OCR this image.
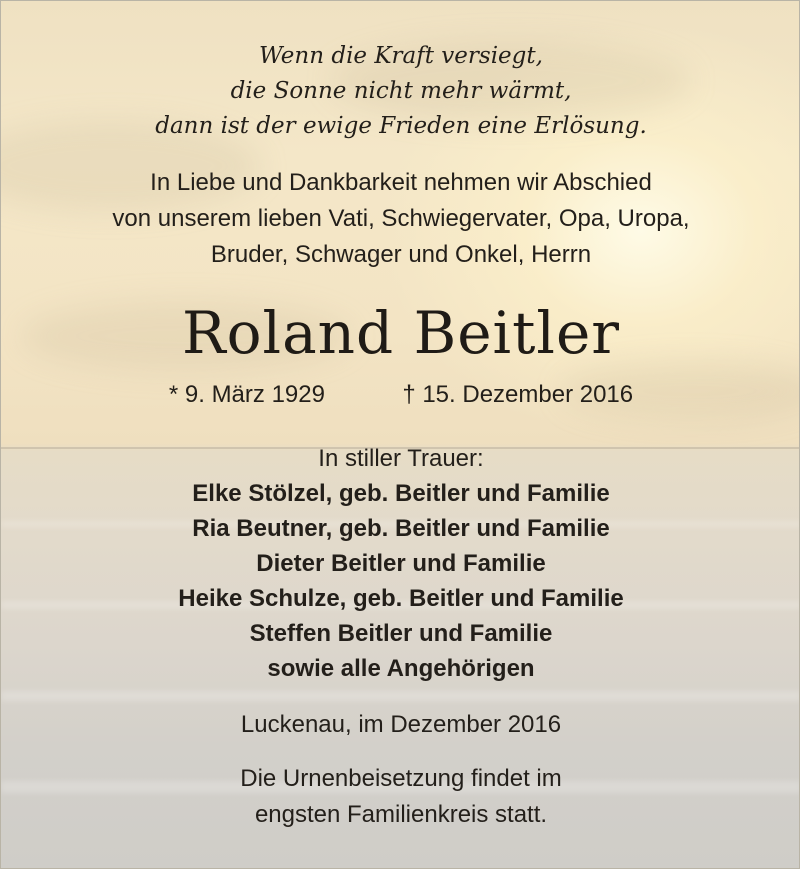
Wenn die Kraft versiegt,
die Sonne nicht mehr wärmt,
dann ist der ewige Frieden eine Erlösung.
In Liebe und Dankbarkeit nehmen wir Abschied
von unserem lieben Vati, Schwiegervater, Opa, Uropa,
Bruder, Schwager und Onkel, Herrn
Roland Beitler
* 9. März 1929	† 15. Dezember 2016
In stiller Trauer:
Elke Stölzel, geb. Beitler und Familie
Ria Beutner, geb. Beitler und Familie
Dieter Beitler und Familie
Heike Schulze, geb. Beitler und Familie
Steffen Beitler und Familie
sowie alle Angehörigen
Luckenau, im Dezember 2016
Die Urnenbeisetzung findet im
engsten Familienkreis statt.
